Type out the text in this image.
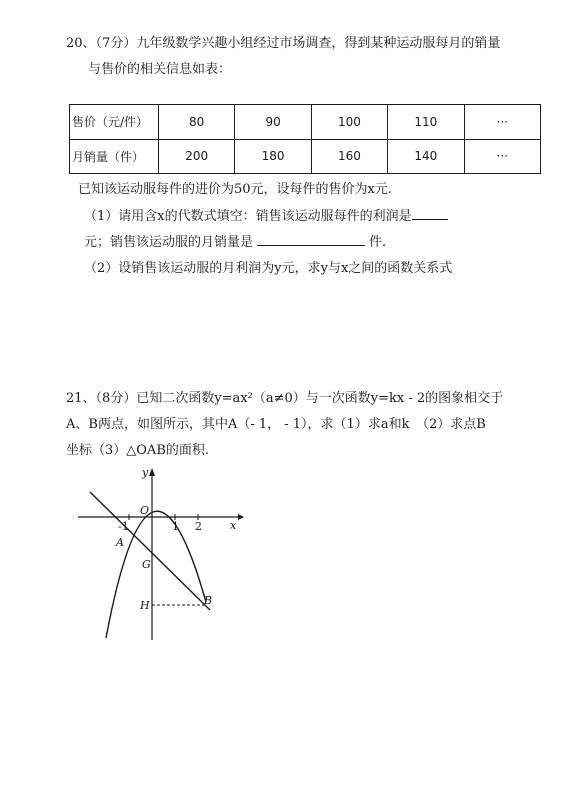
20、（7分）九年级数学兴趣小组经过市场调查，得到某种运动服每月的销量
与售价的相关信息如表：
售价（元/件）	80	90	100	110	···
月销量（件）	200	180	160	140	···
已知该运动服每件的进价为50元，设每件的售价为x元.
（1）请用含x的代数式填空：销售该运动服每件的利润是
元；销售该运动服的月销量是	件.
（2）设销售该运动服的月利润为y元，求y与x之间的函数关系式
21、（8分）已知二次函数y=ax²（a≠0）与一次函数y=kx - 2的图象相交于
A、B两点，如图所示，其中A（- 1， - 1），求（1）求a和k　（2）求点B
坐标（3）△OAB的面积.
y
x
-1	1 2
O
A
G
H	B
